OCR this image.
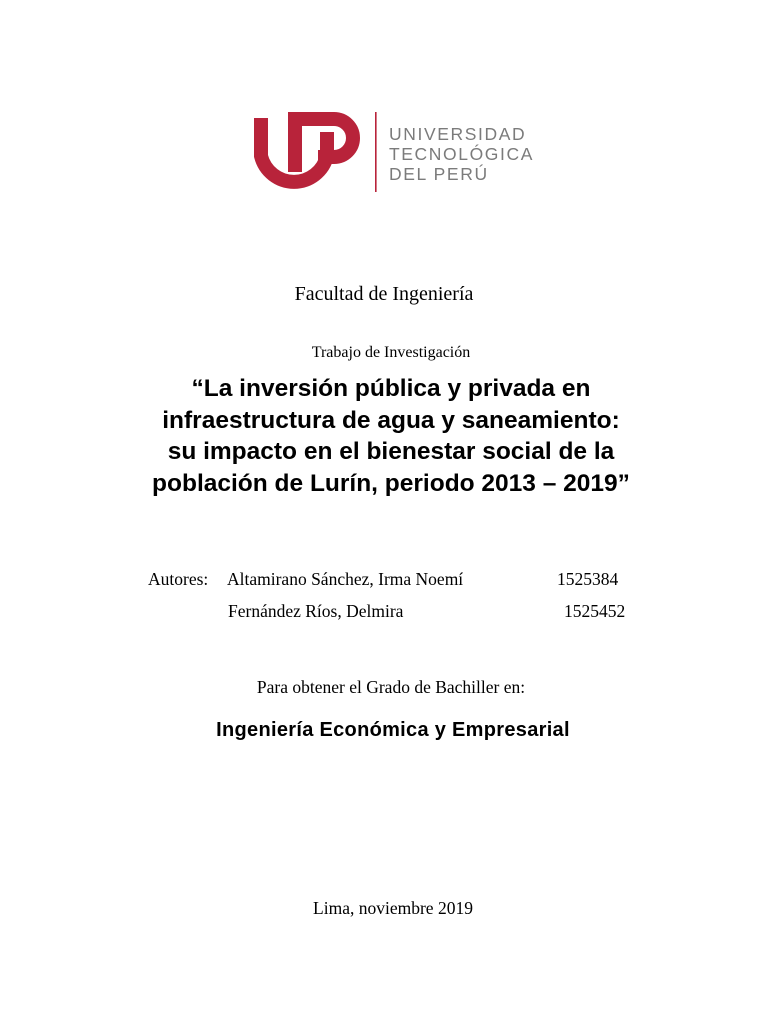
UNIVERSIDAD
TECNOLÓGICA
DEL PERÚ
Facultad de Ingeniería
Trabajo de Investigación
“La inversión pública y privada en
infraestructura de agua y saneamiento:
su impacto en el bienestar social de la
población de Lurín, periodo 2013 – 2019”
Autores: Altamirano Sánchez, Irma Noemí	1525384
Fernández Ríos, Delmira	1525452
Para obtener el Grado de Bachiller en:
Ingeniería Económica y Empresarial
Lima, noviembre 2019
